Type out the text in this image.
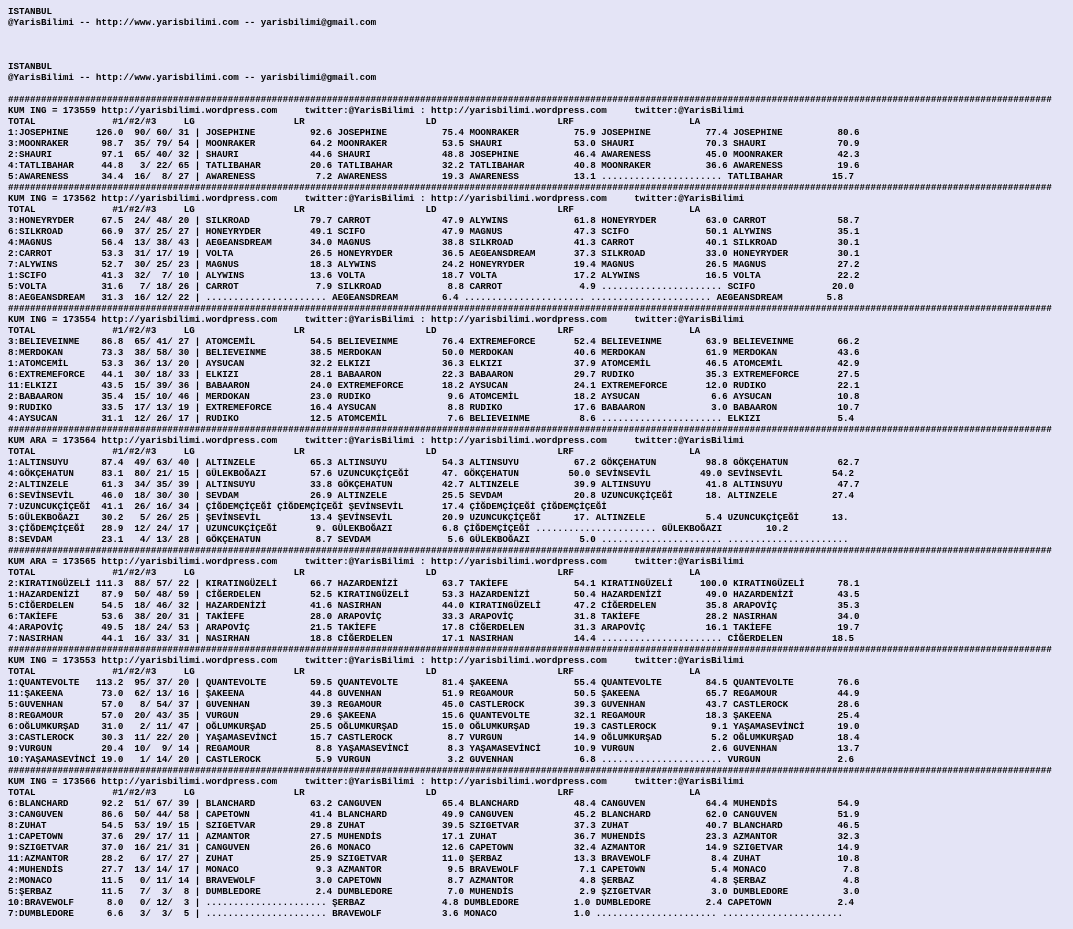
ISTANBUL
@YarisBilimi -- http://www.yarisbilimi.com -- yarisbilimi@gmail.com

ISTANBUL
@YarisBilimi -- http://www.yarisbilimi.com -- yarisbilimi@gmail.com

##############################################################################################################################################################################################
KUM ING = 173559 http://yarisbilimi.wordpress.com     twitter:@YarisBilimi : http://yarisbilimi.wordpress.com     twitter:@YarisBilimi
TOTAL              #1/#2/#3     LG                  LR                      LD                      LRF                     LA
1:JOSEPHINE     126.0  90/ 60/ 31 | JOSEPHINE          92.6 JOSEPHINE          75.4 MOONRAKER          75.9 JOSEPHINE          77.4 JOSEPHINE          80.6
3:MOONRAKER      98.7  35/ 79/ 54 | MOONRAKER          64.2 MOONRAKER          53.5 SHAURI             53.0 SHAURI             70.3 SHAURI             70.9
2:SHAURI         97.1  65/ 40/ 32 | SHAURI             44.6 SHAURI             48.8 JOSEPHINE          46.4 AWARENESS          45.0 MOONRAKER          42.3
4:TATLIBAHAR     44.8   3/ 22/ 65 | TATLIBAHAR         20.6 TATLIBAHAR         32.2 TATLIBAHAR         40.8 MOONRAKER          36.6 AWARENESS          19.6
5:AWARENESS      34.4  16/  8/ 27 | AWARENESS           7.2 AWARENESS          19.3 AWARENESS          13.1 ...................... TATLIBAHAR         15.7
##############################################################################################################################################################################################
KUM ING = 173562 http://yarisbilimi.wordpress.com     twitter:@YarisBilimi : http://yarisbilimi.wordpress.com     twitter:@YarisBilimi
TOTAL              #1/#2/#3     LG                  LR                      LD                      LRF                     LA
3:HONEYRYDER     67.5  24/ 48/ 20 | SILKROAD           79.7 CARROT             47.9 ALYWINS            61.8 HONEYRYDER         63.0 CARROT             58.7
6:SILKROAD       66.9  37/ 25/ 27 | HONEYRYDER         49.1 SCIFO              47.9 MAGNUS             47.3 SCIFO              50.1 ALYWINS            35.1
4:MAGNUS         56.4  13/ 38/ 43 | AEGEANSDREAM       34.0 MAGNUS             38.8 SILKROAD           41.3 CARROT             40.1 SILKROAD           30.1
2:CARROT         53.3  31/ 17/ 19 | VOLTA              26.5 HONEYRYDER         36.5 AEGEANSDREAM       37.3 SILKROAD           33.0 HONEYRYDER         30.1
7:ALYWINS        52.7  30/ 25/ 23 | MAGNUS             18.3 ALYWINS            24.2 HONEYRYDER         19.4 MAGNUS             26.5 MAGNUS             27.2
1:SCIFO          41.3  32/  7/ 10 | ALYWINS            13.6 VOLTA              18.7 VOLTA              17.2 ALYWINS            16.5 VOLTA              22.2
5:VOLTA          31.6   7/ 18/ 26 | CARROT              7.9 SILKROAD            8.8 CARROT              4.9 ...................... SCIFO              20.0
8:AEGEANSDREAM   31.3  16/ 12/ 22 | ...................... AEGEANSDREAM        6.4 ...................... ...................... AEGEANSDREAM        5.8
##############################################################################################################################################################################################
KUM ING = 173554 http://yarisbilimi.wordpress.com     twitter:@YarisBilimi : http://yarisbilimi.wordpress.com     twitter:@YarisBilimi
TOTAL              #1/#2/#3     LG                  LR                      LD                      LRF                     LA
3:BELIEVEINME    86.8  65/ 41/ 27 | ATOMCEMİL          54.5 BELIEVEINME        76.4 EXTREMEFORCE       52.4 BELIEVEINME        63.9 BELIEVEINME        66.2
8:MERDOKAN       73.3  38/ 58/ 30 | BELIEVEINME        38.5 MERDOKAN           50.0 MERDOKAN           40.6 MERDOKAN           61.9 MERDOKAN           43.6
1:ATOMCEMİL      53.3  36/ 13/ 20 | AYSUCAN            32.2 ELKIZI             36.3 ELKIZI             37.9 ATOMCEMİL          46.5 ATOMCEMİL          42.9
6:EXTREMEFORCE   44.1  30/ 18/ 33 | ELKIZI             28.1 BABAARON           22.3 BABAARON           29.7 RUDIKO             35.3 EXTREMEFORCE       27.5
11:ELKIZI        43.5  15/ 39/ 36 | BABAARON           24.0 EXTREMEFORCE       18.2 AYSUCAN            24.1 EXTREMEFORCE       12.0 RUDIKO             22.1
2:BABAARON       35.4  15/ 10/ 46 | MERDOKAN           23.0 RUDIKO              9.6 ATOMCEMİL          18.2 AYSUCAN             6.6 AYSUCAN            10.8
9:RUDIKO         33.5  17/ 13/ 19 | EXTREMEFORCE       16.4 AYSUCAN             8.8 RUDIKO             17.6 BABAARON            3.0 BABAARON           10.7
4:AYSUCAN        31.1  12/ 26/ 17 | RUDIKO             12.5 ATOMCEMİL           7.6 BELIEVEINME         8.6 ...................... ELKIZI              5.4
##############################################################################################################################################################################################
KUM ARA = 173564 http://yarisbilimi.wordpress.com     twitter:@YarisBilimi : http://yarisbilimi.wordpress.com     twitter:@YarisBilimi
TOTAL              #1/#2/#3     LG                  LR                      LD                      LRF                     LA
1:ALTINSUYU      87.4  49/ 63/ 40 | ALTINZELE          65.3 ALTINSUYU          54.3 ALTINSUYU          67.2 GÖKÇEHATUN         98.8 GÖKÇEHATUN         62.7
4:GÖKÇEHATUN     83.1  80/ 21/ 15 | GÜLEKBOĞAZI        57.6 UZUNCUKÇİÇEĞİ      47. GÖKÇEHATUN         50.0 SEVİNSEVİL         49.0 SEVİNSEVİL         54.2
2:ALTINZELE      61.3  34/ 35/ 39 | ALTINSUYU          33.8 GÖKÇEHATUN         42.7 ALTINZELE          39.9 ALTINSUYU          41.8 ALTINSUYU          47.7
6:SEVİNSEVİL     46.0  18/ 30/ 30 | SEVDAM             26.9 ALTINZELE          25.5 SEVDAM             20.8 UZUNCUKÇİÇEĞİ      18. ALTINZELE          27.4
7:UZUNCUKÇİÇEĞİ  41.1  26/ 16/ 34 | ÇİĞDEMÇİÇEĞİ ÇİĞDEMÇİÇEĞİ ŞEVİNSEVİL       17.4 ÇİĞDEMÇİÇEĞİ ÇİĞDEMÇİÇEĞİ
5:GÜLEKBOĞAZI    30.2   5/ 26/ 25 | ŞEVİNSEVİL         13.4 ŞEVİNSEVİL         20.9 UZUNCUKÇİÇEĞİ      17. ALTINZELE           5.4 UZUNCUKÇİÇEĞİ      13.
3:ÇİĞDEMÇİÇEĞİ   28.9  12/ 24/ 17 | UZUNCUKÇİÇEĞİ       9. GÜLEKBOĞAZI         6.8 ÇİĞDEMÇİÇEĞİ ...................... GÜLEKBOĞAZI        10.2
8:SEVDAM         23.1   4/ 13/ 28 | GÖKÇEHATUN          8.7 SEVDAM              5.6 GÜLEKBOĞAZI         5.0 ...................... ......................
##############################################################################################################################################################################################
KUM ARA = 173565 http://yarisbilimi.wordpress.com     twitter:@YarisBilimi : http://yarisbilimi.wordpress.com     twitter:@YarisBilimi
TOTAL              #1/#2/#3     LG                  LR                      LD                      LRF                     LA
2:KIRATINGÜZELİ 111.3  88/ 57/ 22 | KIRATINGÜZELİ      66.7 HAZARDENİZİ        63.7 TAKİEFE            54.1 KIRATINGÜZELİ     100.0 KIRATINGÜZELİ      78.1
1:HAZARDENİZİ    87.9  50/ 48/ 59 | CİĞERDELEN         52.5 KIRATINGÜZELİ      53.3 HAZARDENİZİ        50.4 HAZARDENİZİ        49.0 HAZARDENİZİ        43.5
5:CİĞERDELEN     54.5  18/ 46/ 32 | HAZARDENİZİ        41.6 NASIRHAN           44.0 KIRATINGÜZELİ      47.2 CİĞERDELEN         35.8 ARAPOVİÇ           35.3
6:TAKİEFE        53.6  38/ 20/ 31 | TAKİEFE            28.0 ARAPOVİÇ           33.3 ARAPOVİÇ           31.8 TAKİEFE            28.2 NASIRHAN           34.0
4:ARAPOVİÇ       49.5  18/ 24/ 53 | ARAPOVİÇ           21.5 TAKİEFE            17.8 CİĞERDELEN         31.3 ARAPOVİÇ           16.1 TAKİEFE            19.7
7:NASIRHAN       44.1  16/ 33/ 31 | NASIRHAN           18.8 CİĞERDELEN         17.1 NASIRHAN           14.4 ...................... CİĞERDELEN         18.5
##############################################################################################################################################################################################
KUM ING = 173553 http://yarisbilimi.wordpress.com     twitter:@YarisBilimi : http://yarisbilimi.wordpress.com     twitter:@YarisBilimi
TOTAL              #1/#2/#3     LG                  LR                      LD                      LRF                     LA
1:QUANTEVOLTE   113.2  95/ 37/ 20 | QUANTEVOLTE        59.5 QUANTEVOLTE        81.4 ŞAKEENA            55.4 QUANTEVOLTE        84.5 QUANTEVOLTE        76.6
11:ŞAKEENA       73.0  62/ 13/ 16 | ŞAKEENA            44.8 GUVENHAN           51.9 REGAMOUR           50.5 ŞAKEENA            65.7 REGAMOUR           44.9
5:GUVENHAN       57.0   8/ 54/ 37 | GUVENHAN           39.3 REGAMOUR           45.0 CASTLEROCK         39.3 GUVENHAN           43.7 CASTLEROCK         28.6
8:REGAMOUR       57.0  20/ 43/ 35 | VURGUN             29.6 ŞAKEENA            15.6 QUANTEVOLTE        32.1 REGAMOUR           18.3 ŞAKEENA            25.4
6:OĞLUMKURŞAD    31.0   2/ 11/ 47 | OĞLUMKURŞAD        25.5 OĞLUMKURŞAD        15.0 OĞLUMKURŞAD        19.3 CASTLEROCK          9.1 YAŞAMASEVİNCİ      19.0
3:CASTLEROCK     30.3  11/ 22/ 20 | YAŞAMASEVİNCİ      15.7 CASTLEROCK          8.7 VURGUN             14.9 OĞLUMKURŞAD         5.2 OĞLUMKURŞAD        18.4
9:VURGUN         20.4  10/  9/ 14 | REGAMOUR            8.8 YAŞAMASEVİNCİ       8.3 YAŞAMASEVİNCİ      10.9 VURGUN              2.6 GUVENHAN           13.7
10:YAŞAMASEVİNCİ 19.0   1/ 14/ 20 | CASTLEROCK          5.9 VURGUN              3.2 GUVENHAN            6.8 ...................... VURGUN              2.6
##############################################################################################################################################################################################
KUM ING = 173566 http://yarisbilimi.wordpress.com     twitter:@YarisBilimi : http://yarisbilimi.wordpress.com     twitter:@YarisBilimi
TOTAL              #1/#2/#3     LG                  LR                      LD                      LRF                     LA
6:BLANCHARD      92.2  51/ 67/ 39 | BLANCHARD          63.2 CANGUVEN           65.4 BLANCHARD          48.4 CANGUVEN           64.4 MUHENDİS           54.9
3:CANGUVEN       86.6  50/ 44/ 58 | CAPETOWN           41.4 BLANCHARD          49.9 CANGUVEN           45.2 BLANCHARD          62.0 CANGUVEN           51.9
8:ZUHAT          54.5  53/ 19/ 15 | SZIGETVAR          29.8 ZUHAT              39.5 SZIGETVAR          37.3 ZUHAT              40.7 BLANCHARD          46.5
1:CAPETOWN       37.6  29/ 17/ 11 | AZMANTOR           27.5 MUHENDİS           17.1 ZUHAT              36.7 MUHENDİS           23.3 AZMANTOR           32.3
9:SZIGETVAR      37.0  16/ 21/ 31 | CANGUVEN           26.6 MONACO             12.6 CAPETOWN           32.4 AZMANTOR           14.9 SZIGETVAR          14.9
11:AZMANTOR      28.2   6/ 17/ 27 | ZUHAT              25.9 SZIGETVAR          11.0 ŞERBAZ             13.3 BRAVEWOLF           8.4 ZUHAT              10.8
4:MUHENDİS       27.7  13/ 14/ 17 | MONACO              9.3 AZMANTOR            9.5 BRAVEWOLF           7.1 CAPETOWN            5.4 MONACO              7.8
2:MONACO         11.5   0/ 11/ 14 | BRAVEWOLF           3.0 CAPETOWN            8.7 AZMANTOR            4.8 ŞERBAZ              4.8 ŞERBAZ              4.8
5:ŞERBAZ         11.5   7/  3/  8 | DUMBLEDORE          2.4 DUMBLEDORE          7.0 MUHENDİS            2.9 ŞZIGETVAR           3.0 DUMBLEDORE          3.0
10:BRAVEWOLF      8.0   0/ 12/  3 | ...................... ŞERBAZ              4.8 DUMBLEDORE          1.0 DUMBLEDORE          2.4 CAPETOWN            2.4
7:DUMBLEDORE      6.6   3/  3/  5 | ...................... BRAVEWOLF           3.6 MONACO              1.0 ...................... ......................
